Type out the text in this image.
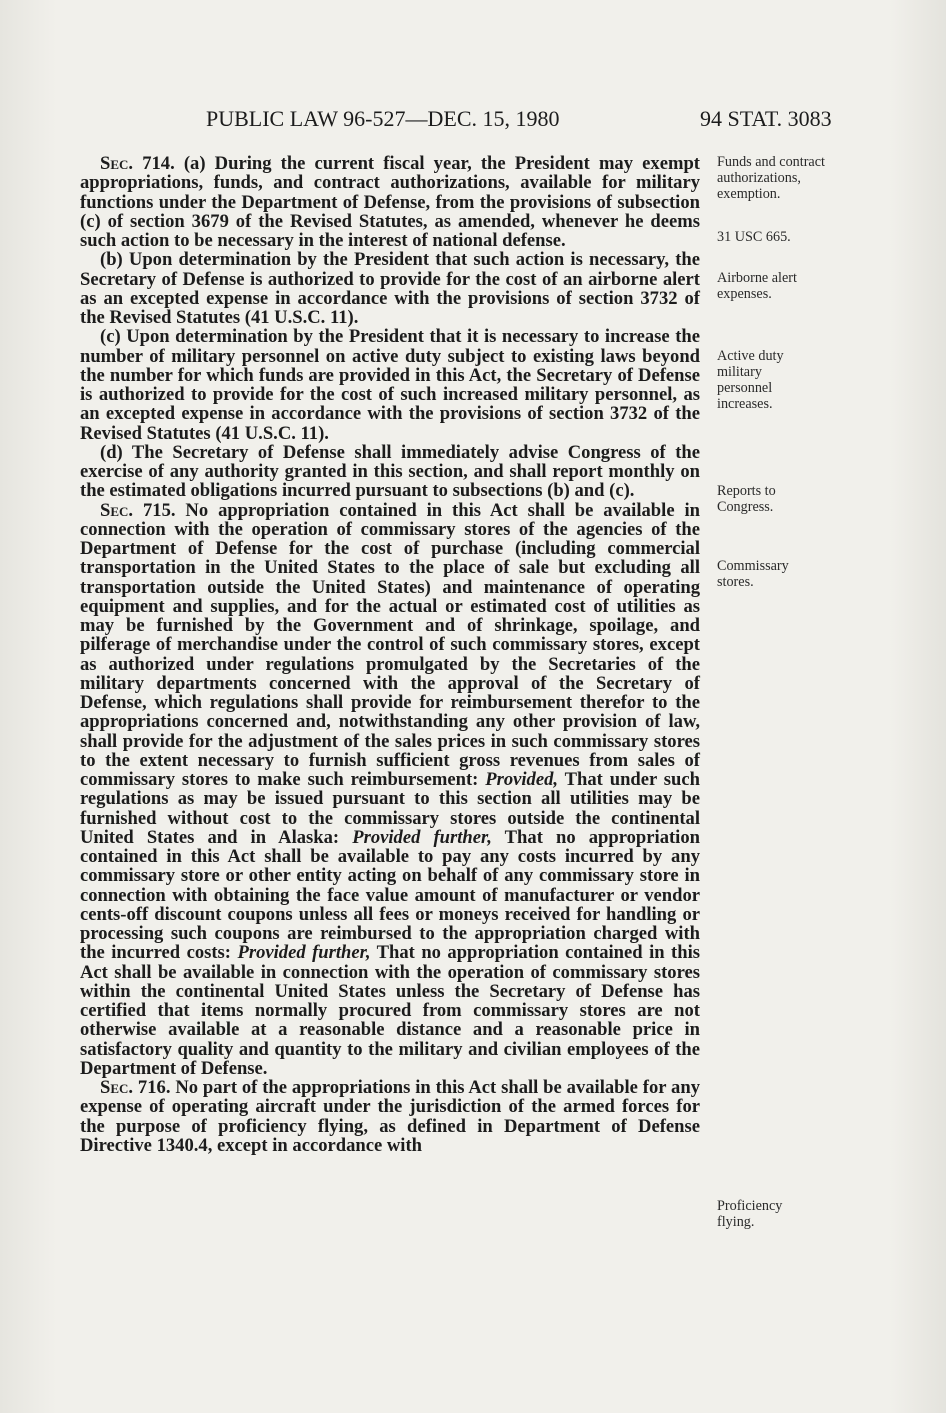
PUBLIC LAW 96-527—DEC. 15, 1980	94 STAT. 3083

Sec. 714. (a) During the current fiscal year, the President may exempt appropriations, funds, and contract authorizations, available for military functions under the Department of Defense, from the provisions of subsection (c) of section 3679 of the Revised Statutes, as amended, whenever he deems such action to be necessary in the interest of national defense.

(b) Upon determination by the President that such action is necessary, the Secretary of Defense is authorized to provide for the cost of an airborne alert as an excepted expense in accordance with the provisions of section 3732 of the Revised Statutes (41 U.S.C. 11).

(c) Upon determination by the President that it is necessary to increase the number of military personnel on active duty subject to existing laws beyond the number for which funds are provided in this Act, the Secretary of Defense is authorized to provide for the cost of such increased military personnel, as an excepted expense in accordance with the provisions of section 3732 of the Revised Statutes (41 U.S.C. 11).

(d) The Secretary of Defense shall immediately advise Congress of the exercise of any authority granted in this section, and shall report monthly on the estimated obligations incurred pursuant to subsections (b) and (c).

Sec. 715. No appropriation contained in this Act shall be available in connection with the operation of commissary stores of the agencies of the Department of Defense for the cost of purchase (including commercial transportation in the United States to the place of sale but excluding all transportation outside the United States) and maintenance of operating equipment and supplies, and for the actual or estimated cost of utilities as may be furnished by the Government and of shrinkage, spoilage, and pilferage of merchandise under the control of such commissary stores, except as authorized under regulations promulgated by the Secretaries of the military departments concerned with the approval of the Secretary of Defense, which regulations shall provide for reimbursement therefor to the appropriations concerned and, notwithstanding any other provision of law, shall provide for the adjustment of the sales prices in such commissary stores to the extent necessary to furnish sufficient gross revenues from sales of commissary stores to make such reimbursement: Provided, That under such regulations as may be issued pursuant to this section all utilities may be furnished without cost to the commissary stores outside the continental United States and in Alaska: Provided further, That no appropriation contained in this Act shall be available to pay any costs incurred by any commissary store or other entity acting on behalf of any commissary store in connection with obtaining the face value amount of manufacturer or vendor cents-off discount coupons unless all fees or moneys received for handling or processing such coupons are reimbursed to the appropriation charged with the incurred costs: Provided further, That no appropriation contained in this Act shall be available in connection with the operation of commissary stores within the continental United States unless the Secretary of Defense has certified that items normally procured from commissary stores are not otherwise available at a reasonable distance and a reasonable price in satisfactory quality and quantity to the military and civilian employees of the Department of Defense.

Sec. 716. No part of the appropriations in this Act shall be available for any expense of operating aircraft under the jurisdiction of the armed forces for the purpose of proficiency flying, as defined in Department of Defense Directive 1340.4, except in accordance with

Funds and contract authorizations, exemption.
31 USC 665.
Airborne alert expenses.
Active duty military personnel increases.
Reports to Congress.
Commissary stores.
Proficiency flying.
